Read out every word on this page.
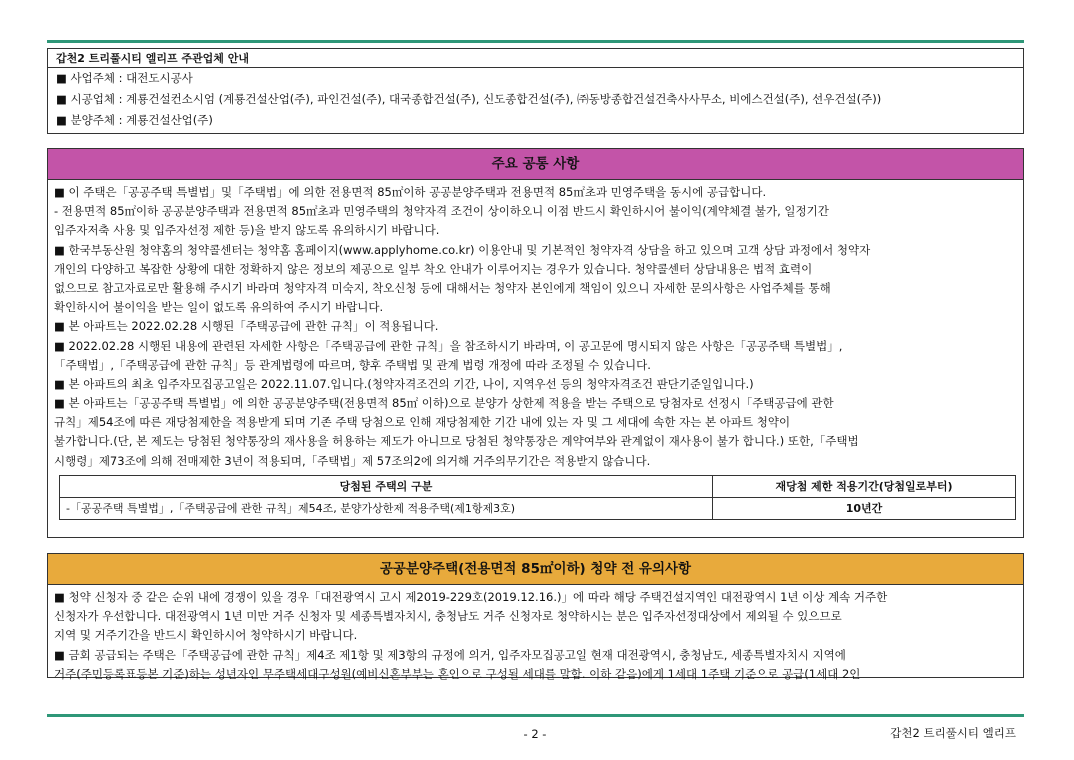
갑천2 트리풀시티 엘리프 주관업체 안내
■ 사업주체 : 대전도시공사
■ 시공업체 : 계룡건설컨소시엄 (계룡건설산업(주), 파인건설(주), 대국종합건설(주), 신도종합건설(주), ㈜동방종합건설건축사사무소, 비에스건설(주), 선우건설(주))
■ 분양주체 : 계룡건설산업(주)
주요 공통 사항
■ 이 주택은「공공주택 특별법」및「주택법」에 의한 전용면적 85㎡이하 공공분양주택과 전용면적 85㎡초과 민영주택을 동시에 공급합니다.
- 전용면적 85㎡이하 공공분양주택과 전용면적 85㎡초과 민영주택의 청약자격 조건이 상이하오니 이점 반드시 확인하시어 불이익(계약체결 불가, 일정기간
입주자저축 사용 및 입주자선정 제한 등)을 받지 않도록 유의하시기 바랍니다.
■ 한국부동산원 청약홈의 청약콜센터는 청약홈 홈페이지(www.applyhome.co.kr) 이용안내 및 기본적인 청약자격 상담을 하고 있으며 고객 상담 과정에서 청약자
개인의 다양하고 복잡한 상황에 대한 정확하지 않은 정보의 제공으로 일부 착오 안내가 이루어지는 경우가 있습니다. 청약콜센터 상담내용은 법적 효력이
없으므로 참고자료로만 활용해 주시기 바라며 청약자격 미숙지, 착오신청 등에 대해서는 청약자 본인에게 책임이 있으니 자세한 문의사항은 사업주체를 통해
확인하시어 불이익을 받는 일이 없도록 유의하여 주시기 바랍니다.
■ 본 아파트는 2022.02.28 시행된「주택공급에 관한 규칙」이 적용됩니다.
■ 2022.02.28 시행된 내용에 관련된 자세한 사항은「주택공급에 관한 규칙」을 참조하시기 바라며, 이 공고문에 명시되지 않은 사항은「공공주택 특별법」,
「주택법」,「주택공급에 관한 규칙」등 관계법령에 따르며, 향후 주택법 및 관계 법령 개정에 따라 조정될 수 있습니다.
■ 본 아파트의 최초 입주자모집공고일은 2022.11.07.입니다.(청약자격조건의 기간, 나이, 지역우선 등의 청약자격조건 판단기준일입니다.)
■ 본 아파트는「공공주택 특별법」에 의한 공공분양주택(전용면적 85㎡ 이하)으로 분양가 상한제 적용을 받는 주택으로 당첨자로 선정시「주택공급에 관한
규칙」제54조에 따른 재당첨제한을 적용받게 되며 기존 주택 당첨으로 인해 재당첨제한 기간 내에 있는 자 및 그 세대에 속한 자는 본 아파트 청약이
불가합니다.(단, 본 제도는 당첨된 청약통장의 재사용을 허용하는 제도가 아니므로 당첨된 청약통장은 계약여부와 관계없이 재사용이 불가 합니다.) 또한,「주택법
시행령」제73조에 의해 전매제한 3년이 적용되며,「주택법」제 57조의2에 의거해 거주의무기간은 적용받지 않습니다.
당첨된 주택의 구분	재당첨 제한 적용기간(당첨일로부터)
-「공공주택 특별법」,「주택공급에 관한 규칙」제54조, 분양가상한제 적용주택(제1항제3호)	10년간
공공분양주택(전용면적 85㎡이하) 청약 전 유의사항
■ 청약 신청자 중 같은 순위 내에 경쟁이 있을 경우「대전광역시 고시 제2019-229호(2019.12.16.)」에 따라 해당 주택건설지역인 대전광역시 1년 이상 계속 거주한
신청자가 우선합니다. 대전광역시 1년 미만 거주 신청자 및 세종특별자치시, 충청남도 거주 신청자로 청약하시는 분은 입주자선정대상에서 제외될 수 있으므로
지역 및 거주기간을 반드시 확인하시어 청약하시기 바랍니다.
■ 금회 공급되는 주택은「주택공급에 관한 규칙」제4조 제1항 및 제3항의 규정에 의거, 입주자모집공고일 현재 대전광역시, 충청남도, 세종특별자치시 지역에
거주(주민등록표등본 기준)하는 성년자인 무주택세대구성원(예비신혼부부는 혼인으로 구성될 세대를 말함. 이하 같음)에게 1세대 1주택 기준으로 공급(1세대 2인
- 2 -	갑천2 트리풀시티 엘리프
